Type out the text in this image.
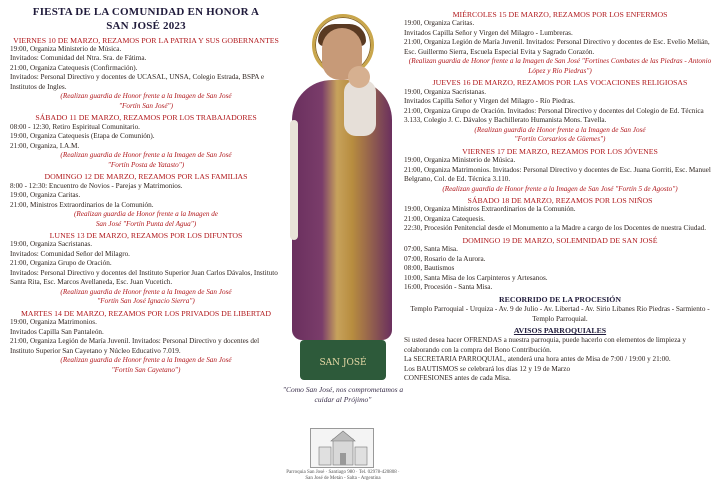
FIESTA DE LA COMUNIDAD EN HONOR A
SAN JOSÉ 2023
VIERNES 10 DE MARZO, REZAMOS POR LA PATRIA Y SUS GOBERNANTES
19:00, Organiza Ministerio de Música.
Invitados: Comunidad del Ntra. Sra. de Fátima.
21:00, Organiza Catequesis (Confirmación).
Invitados: Personal Directivo y docentes de UCASAL, UNSA, Colegio Estrada, BSPA e Institutos de Ingles.
(Realizan guardia de Honor frente a la Imagen de San José
"Fortín San José")
SÁBADO 11 DE MARZO, REZAMOS POR LOS TRABAJADORES
08:00 - 12:30, Retiro Espiritual Comunitario.
19:00, Organiza Catequesis (Etapa de Comunión).
21:00, Organiza, I.A.M.
(Realizan guardia de Honor frente a la Imagen de San José
"Fortín Posta de Yatasto")
DOMINGO 12 DE MARZO, REZAMOS POR LAS FAMILIAS
8:00 - 12:30: Encuentro de Novios - Parejas y Matrimonios.
19:00, Organiza Caritas.
21:00, Ministros Extraordinarios de la Comunión.
(Realizan guardia de Honor frente a la Imagen de
San José "Fortín Punta del Agua")
LUNES 13 DE MARZO, REZAMOS POR LOS DIFUNTOS
19:00, Organiza Sacristanas.
Invitados: Comunidad Señor del Milagro.
21:00, Organiza Grupo de Oración.
Invitados: Personal Directivo y docentes del Instituto Superior Juan Carlos Dávalos, Instituto Santa Rita, Esc. Marcos Avellaneda, Esc. Juan Vucetich.
(Realizan guardia de Honor frente a la Imagen de San José
"Fortín San José Ignacio Sierra")
MARTES 14 DE MARZO, REZAMOS POR LOS PRIVADOS DE LIBERTAD
19:00, Organiza Matrimonios.
Invitados Capilla San Pantaleón.
21:00, Organiza Legión de María Juvenil. Invitados: Personal Directivo y docentes del Instituto Superior San Cayetano y Núcleo Educativo 7.019.
(Realizan guardia de Honor frente a la Imagen de San José
"Fortín San Cayetano")
SAN JOSÉ
"Como San José, nos comprometamos a cuidar al Prójimo"
Parroquia San José · Santiago 980 · Tel. 02978-420808 · San José de Metán - Salta - Argentina
MIÉRCOLES 15 DE MARZO, REZAMOS POR LOS ENFERMOS
19:00, Organiza Caritas.
Invitados Capilla Señor y Virgen del Milagro - Lumbreras.
21:00, Organiza Legión de María Juvenil. Invitados: Personal Directivo y docentes de Esc. Evelio Melián, Esc. Guillermo Sierra, Escuela Especial Evita y Sagrado Corazón.
(Realizan guardia de Honor frente a la Imagen de San José "Fortines Combates de las Piedras - Antonio López y Río Piedras")
JUEVES 16 DE MARZO, REZAMOS POR LAS VOCACIONES RELIGIOSAS
19:00, Organiza Sacristanas.
Invitados Capilla Señor y Virgen del Milagro - Río Piedras.
21:00, Organiza Grupo de Oración. Invitados: Personal Directivo y docentes del Colegio de Ed. Técnica 3.133, Colegio J. C. Dávalos y Bachillerato Humanista Mons. Tavella.
(Realizan guardia de Honor frente a la Imagen de San José
"Fortín Corsarios de Güemes")
VIERNES 17 DE MARZO, REZAMOS POR LOS JÓVENES
19:00, Organiza Ministerio de Música.
21:00, Organiza Matrimonios. Invitados: Personal Directivo y docentes de Esc. Juana Gorriti, Esc. Manuel Belgrano, Col. de Ed. Técnica 3.110.
(Realizan guardia de Honor frente a la Imagen de San José "Fortín 5 de Agosto")
SÁBADO 18 DE MARZO, REZAMOS POR LOS NIÑOS
19:00, Organiza Ministros Extraordinarios de la Comunión.
21:00, Organiza Catequesis.
22:30, Procesión Penitencial desde el Monumento a la Madre a cargo de los Docentes de nuestra Ciudad.
DOMINGO 19 DE MARZO, SOLEMNIDAD DE SAN JOSÉ
07:00, Santa Misa.
07:00, Rosario de la Aurora.
08:00, Bautismos
10:00, Santa Misa de los Carpinteros y Artesanos.
16:00, Procesión - Santa Misa.
RECORRIDO DE LA PROCESIÓN
Templo Parroquial - Urquiza - Av. 9 de Julio - Av. Libertad - Av. Sirio Libanes Rio Piedras - Sarmiento - Templo Parroquial.
AVISOS PARROQUIALES
Si usted desea hacer OFRENDAS a nuestra parroquia, puede hacerlo con elementos de limpieza y colaborando con la compra del Bono Contribución.
La SECRETARIA PARROQUIAL, atenderá una hora antes de Misa de 7:00 / 19:00 y 21:00.
Los BAUTISMOS se celebrará los días 12 y 19 de Marzo
CONFESIONES antes de cada Misa.
